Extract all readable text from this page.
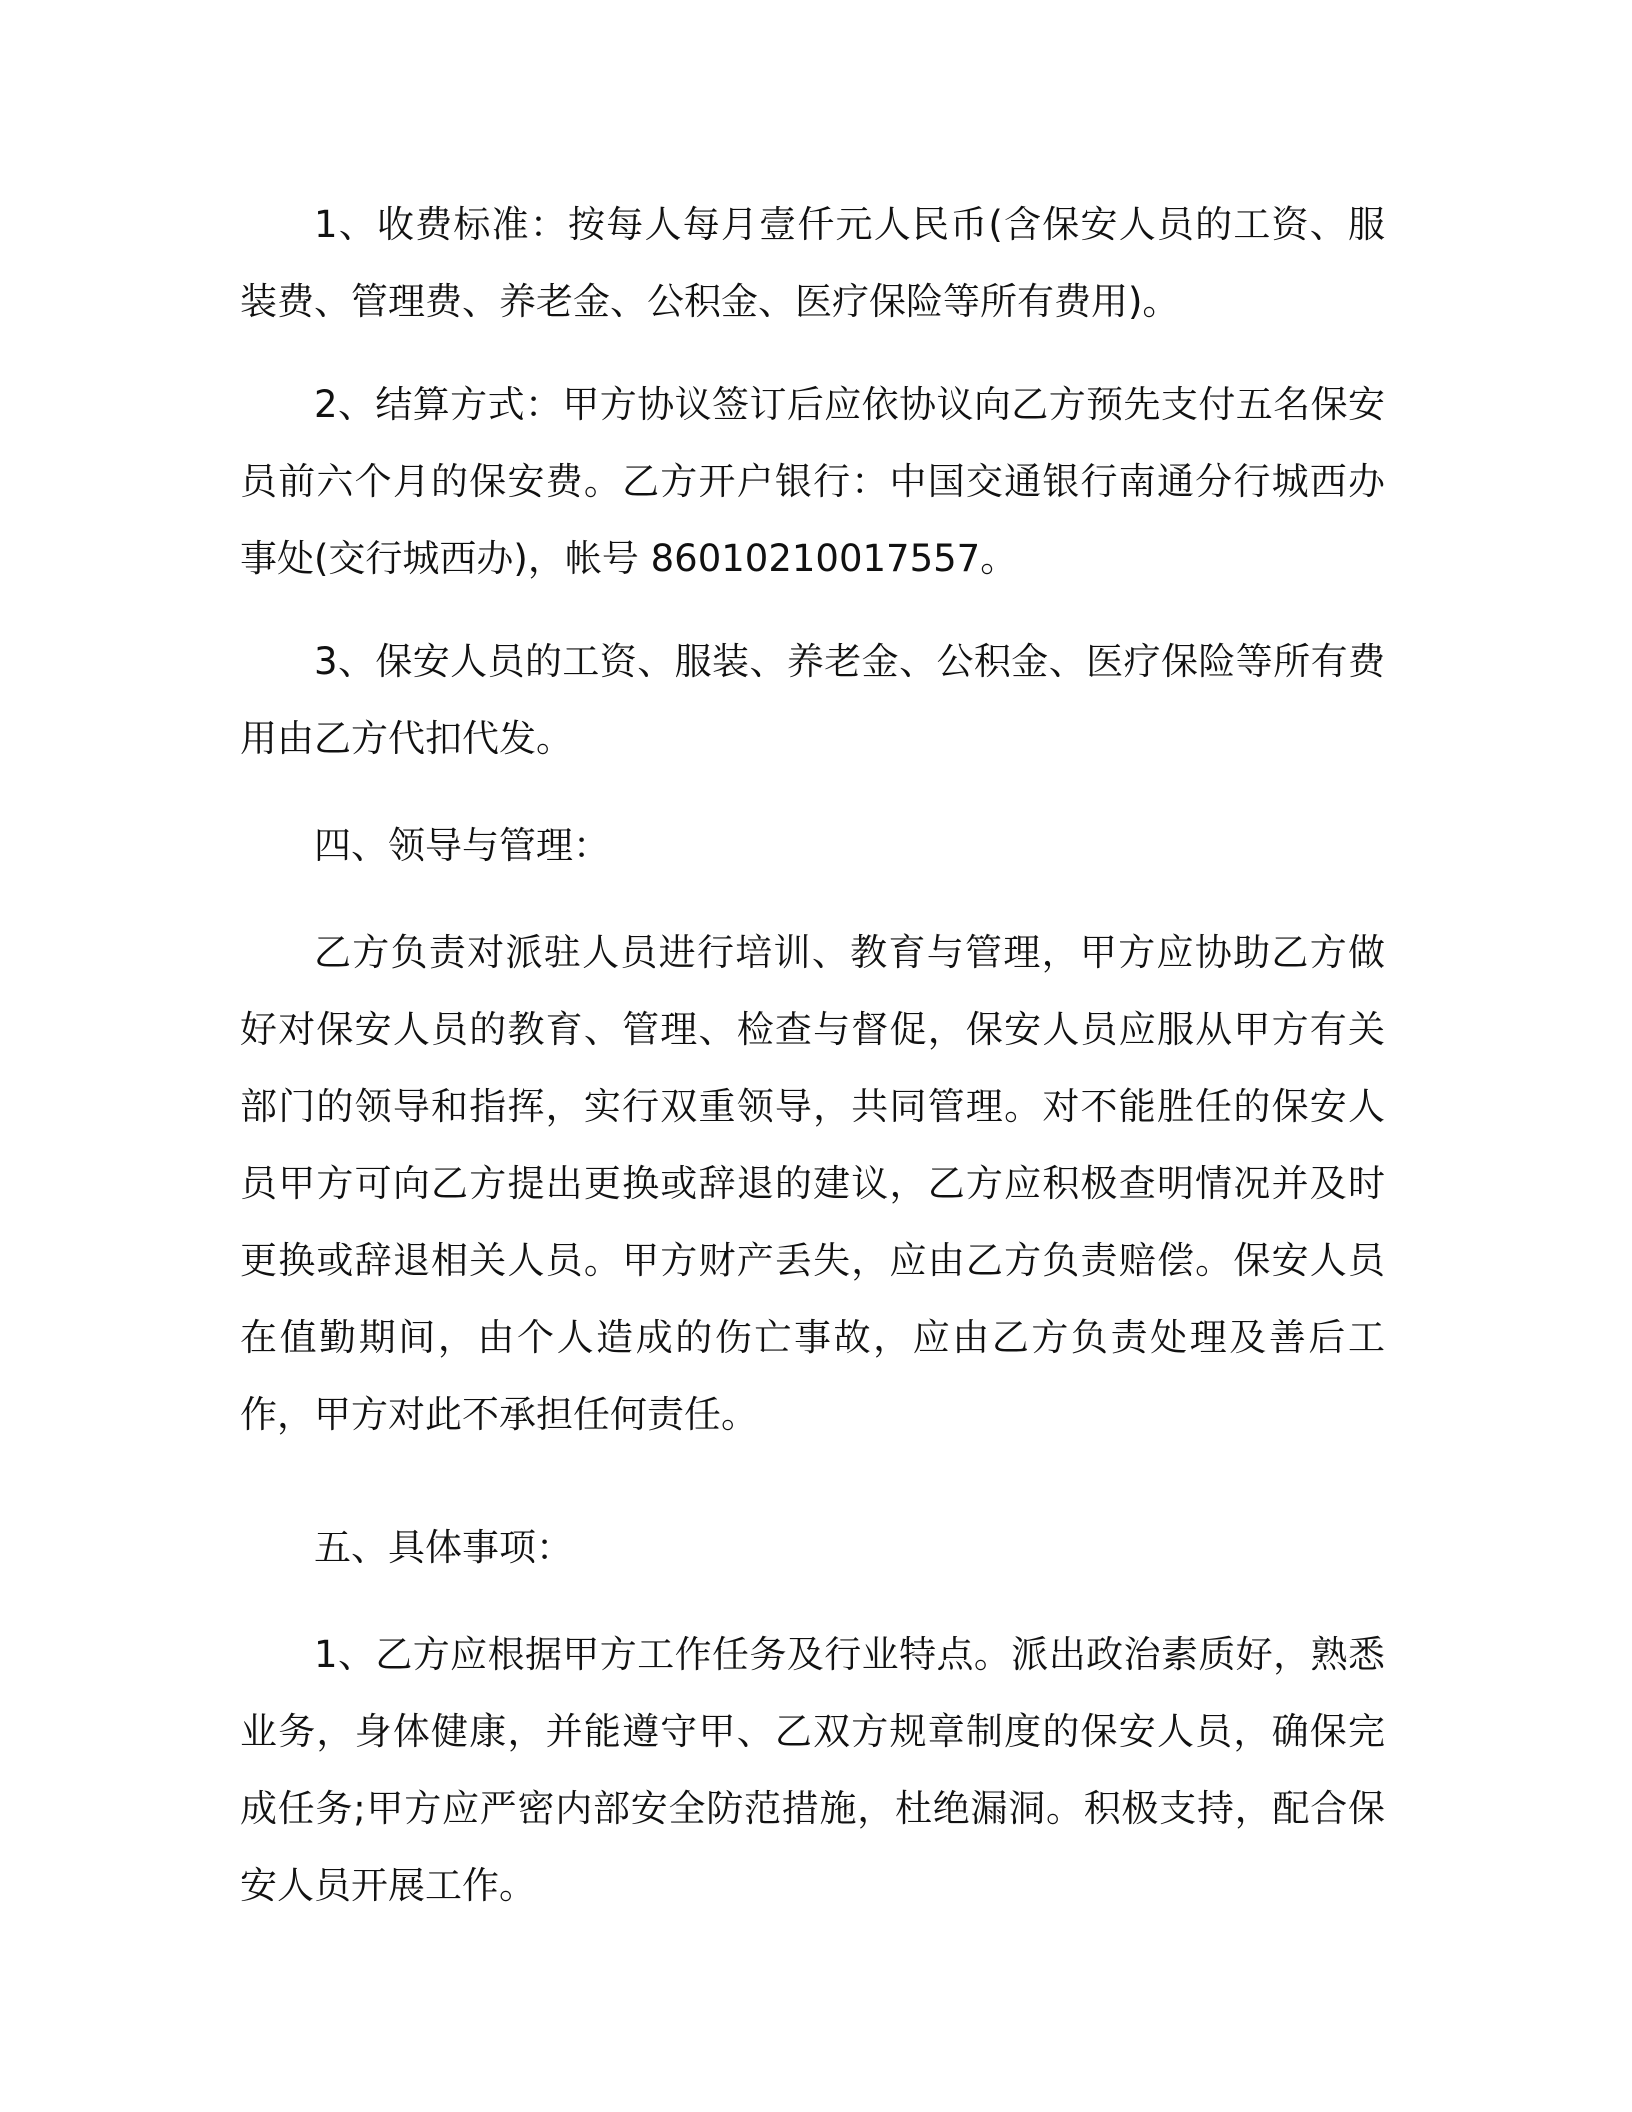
1、收费标准：按每人每月壹仟元人民币(含保安人员的工资、服装费、管理费、养老金、公积金、医疗保险等所有费用)。

2、结算方式：甲方协议签订后应依协议向乙方预先支付五名保安员前六个月的保安费。乙方开户银行：中国交通银行南通分行城西办事处(交行城西办)，帐号 86010210017557。

3、保安人员的工资、服装、养老金、公积金、医疗保险等所有费用由乙方代扣代发。

四、领导与管理：

乙方负责对派驻人员进行培训、教育与管理，甲方应协助乙方做好对保安人员的教育、管理、检查与督促，保安人员应服从甲方有关部门的领导和指挥，实行双重领导，共同管理。对不能胜任的保安人员甲方可向乙方提出更换或辞退的建议，乙方应积极查明情况并及时更换或辞退相关人员。甲方财产丢失，应由乙方负责赔偿。保安人员在值勤期间，由个人造成的伤亡事故，应由乙方负责处理及善后工作，甲方对此不承担任何责任。

五、具体事项：

1、乙方应根据甲方工作任务及行业特点。派出政治素质好，熟悉业务，身体健康，并能遵守甲、乙双方规章制度的保安人员，确保完成任务;甲方应严密内部安全防范措施，杜绝漏洞。积极支持，配合保安人员开展工作。
